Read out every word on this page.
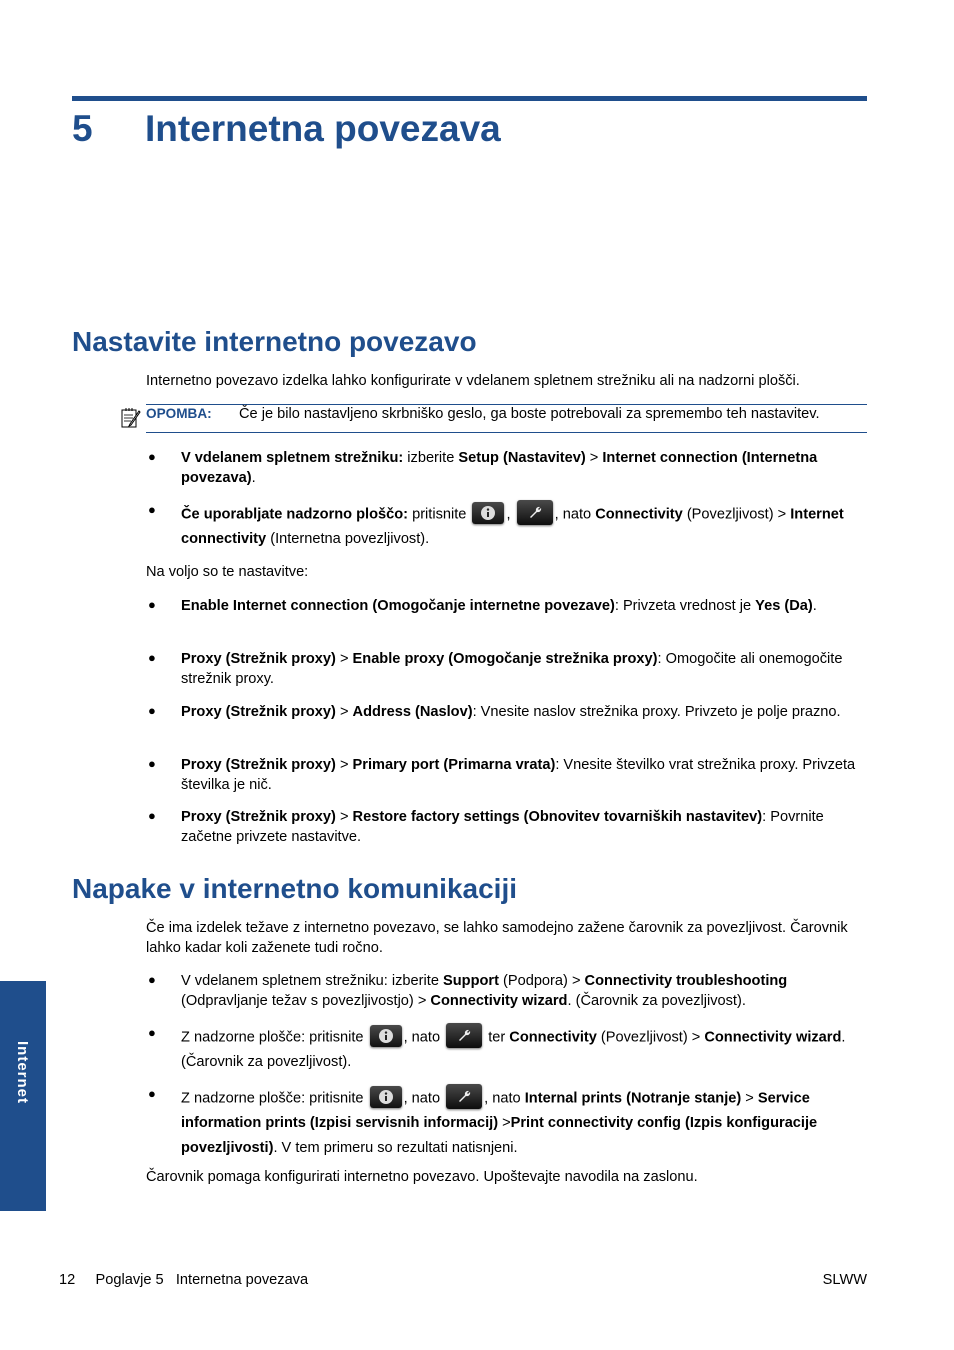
5 Internetna povezava
Nastavite internetno povezavo
Internetno povezavo izdelka lahko konfigurirate v vdelanem spletnem strežniku ali na nadzorni plošči.
OPOMBA: Če je bilo nastavljeno skrbniško geslo, ga boste potrebovali za spremembo teh nastavitev.
● V vdelanem spletnem strežniku: izberite Setup (Nastavitev) > Internet connection (Internetna povezava).
● Če uporabljate nadzorno ploščo: pritisnite
,	, nato Connectivity (Povezljivost) > Internet connectivity (Internetna povezljivost).
Na voljo so te nastavitve:
● Enable Internet connection (Omogočanje internetne povezave): Privzeta vrednost je Yes (Da).
● Proxy (Strežnik proxy) > Enable proxy (Omogočanje strežnika proxy): Omogočite ali onemogočite strežnik proxy.
● Proxy (Strežnik proxy) > Address (Naslov): Vnesite naslov strežnika proxy. Privzeto je polje prazno.
● Proxy (Strežnik proxy) > Primary port (Primarna vrata): Vnesite številko vrat strežnika proxy. Privzeta številka je nič.
● Proxy (Strežnik proxy) > Restore factory settings (Obnovitev tovarniških nastavitev): Povrnite začetne privzete nastavitve.
Napake v internetno komunikaciji
Če ima izdelek težave z internetno povezavo, se lahko samodejno zažene čarovnik za povezljivost. Čarovnik lahko kadar koli zaženete tudi ročno.
● V vdelanem spletnem strežniku: izberite Support (Podpora) > Connectivity troubleshooting (Odpravljanje težav s povezljivostjo) > Connectivity wizard. (Čarovnik za povezljivost).
● Z nadzorne plošče: pritisnite
, nato	ter Connectivity (Povezljivost) > Connectivity wizard. (Čarovnik za povezljivost).
● Z nadzorne plošče: pritisnite
, nato	, nato Internal prints (Notranje stanje) > Service information prints (Izpisi servisnih informacij) >Print connectivity config (Izpis konfiguracije povezljivosti). V tem primeru so rezultati natisnjeni.
Čarovnik pomaga konfigurirati internetno povezavo. Upoštevajte navodila na zaslonu.
Internet
12 Poglavje 5 Internetna povezava	SLWW
